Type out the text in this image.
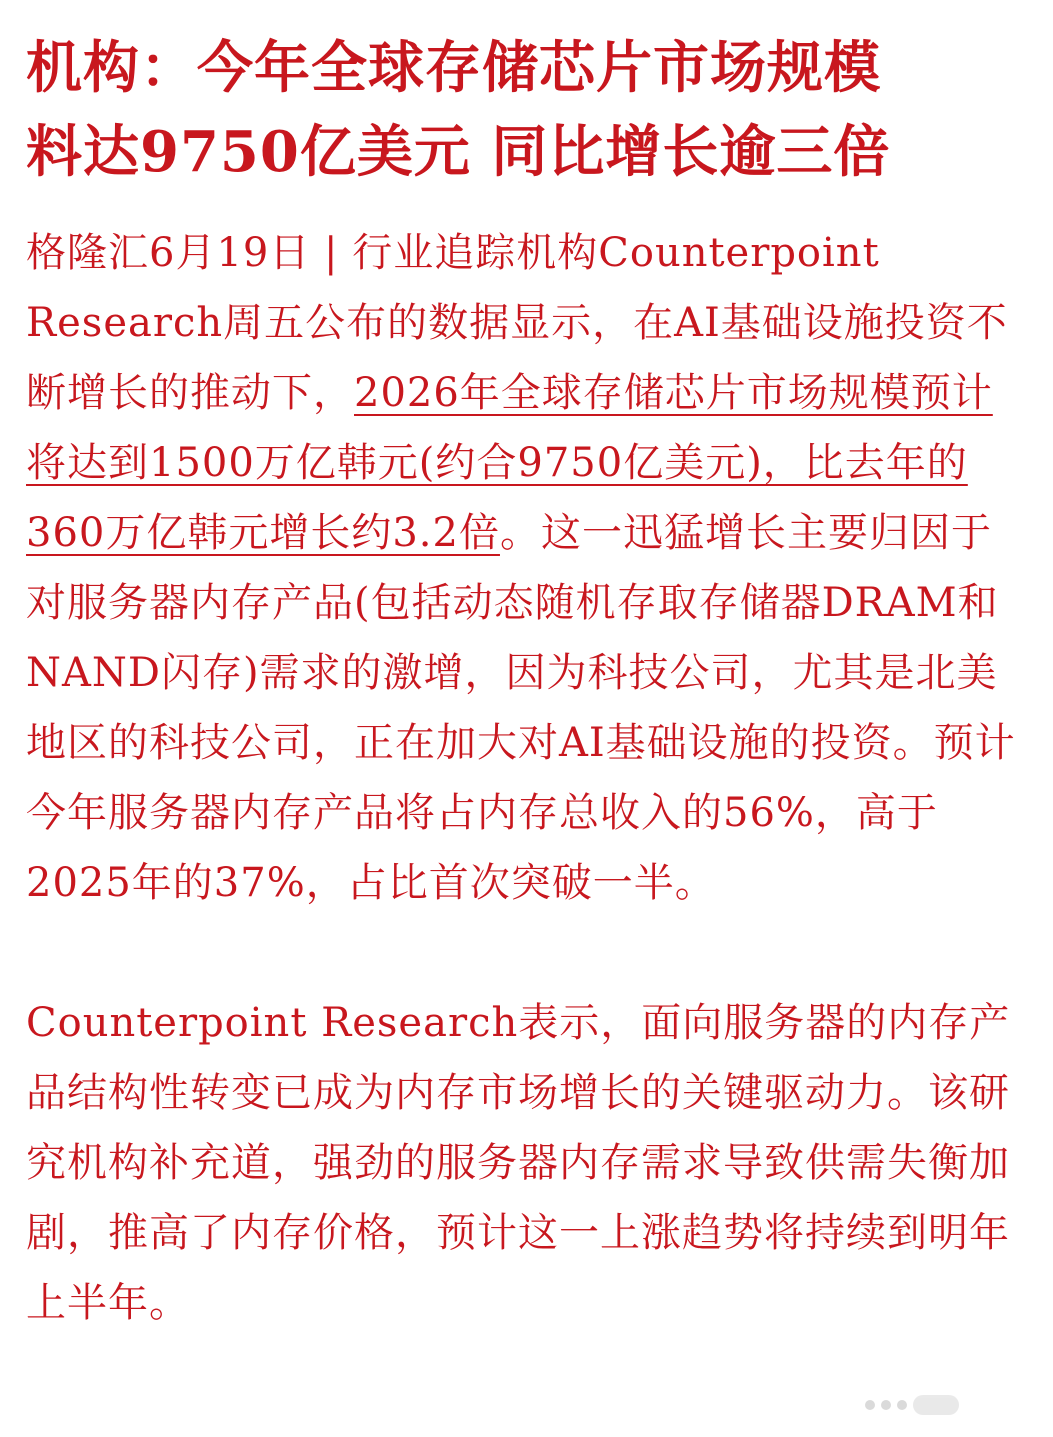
机构：今年全球存储芯片市场规模
料达9750亿美元 同比增长逾三倍

格隆汇6月19日 | 行业追踪机构Counterpoint Research周五公布的数据显示，在AI基础设施投资不断增长的推动下，2026年全球存储芯片市场规模预计将达到1500万亿韩元(约合9750亿美元)，比去年的360万亿韩元增长约3.2倍。这一迅猛增长主要归因于对服务器内存产品(包括动态随机存取存储器DRAM和NAND闪存)需求的激增，因为科技公司，尤其是北美地区的科技公司，正在加大对AI基础设施的投资。预计今年服务器内存产品将占内存总收入的56%，高于2025年的37%，占比首次突破一半。

Counterpoint Research表示，面向服务器的内存产品结构性转变已成为内存市场增长的关键驱动力。该研究机构补充道，强劲的服务器内存需求导致供需失衡加剧，推高了内存价格，预计这一上涨趋势将持续到明年上半年。
